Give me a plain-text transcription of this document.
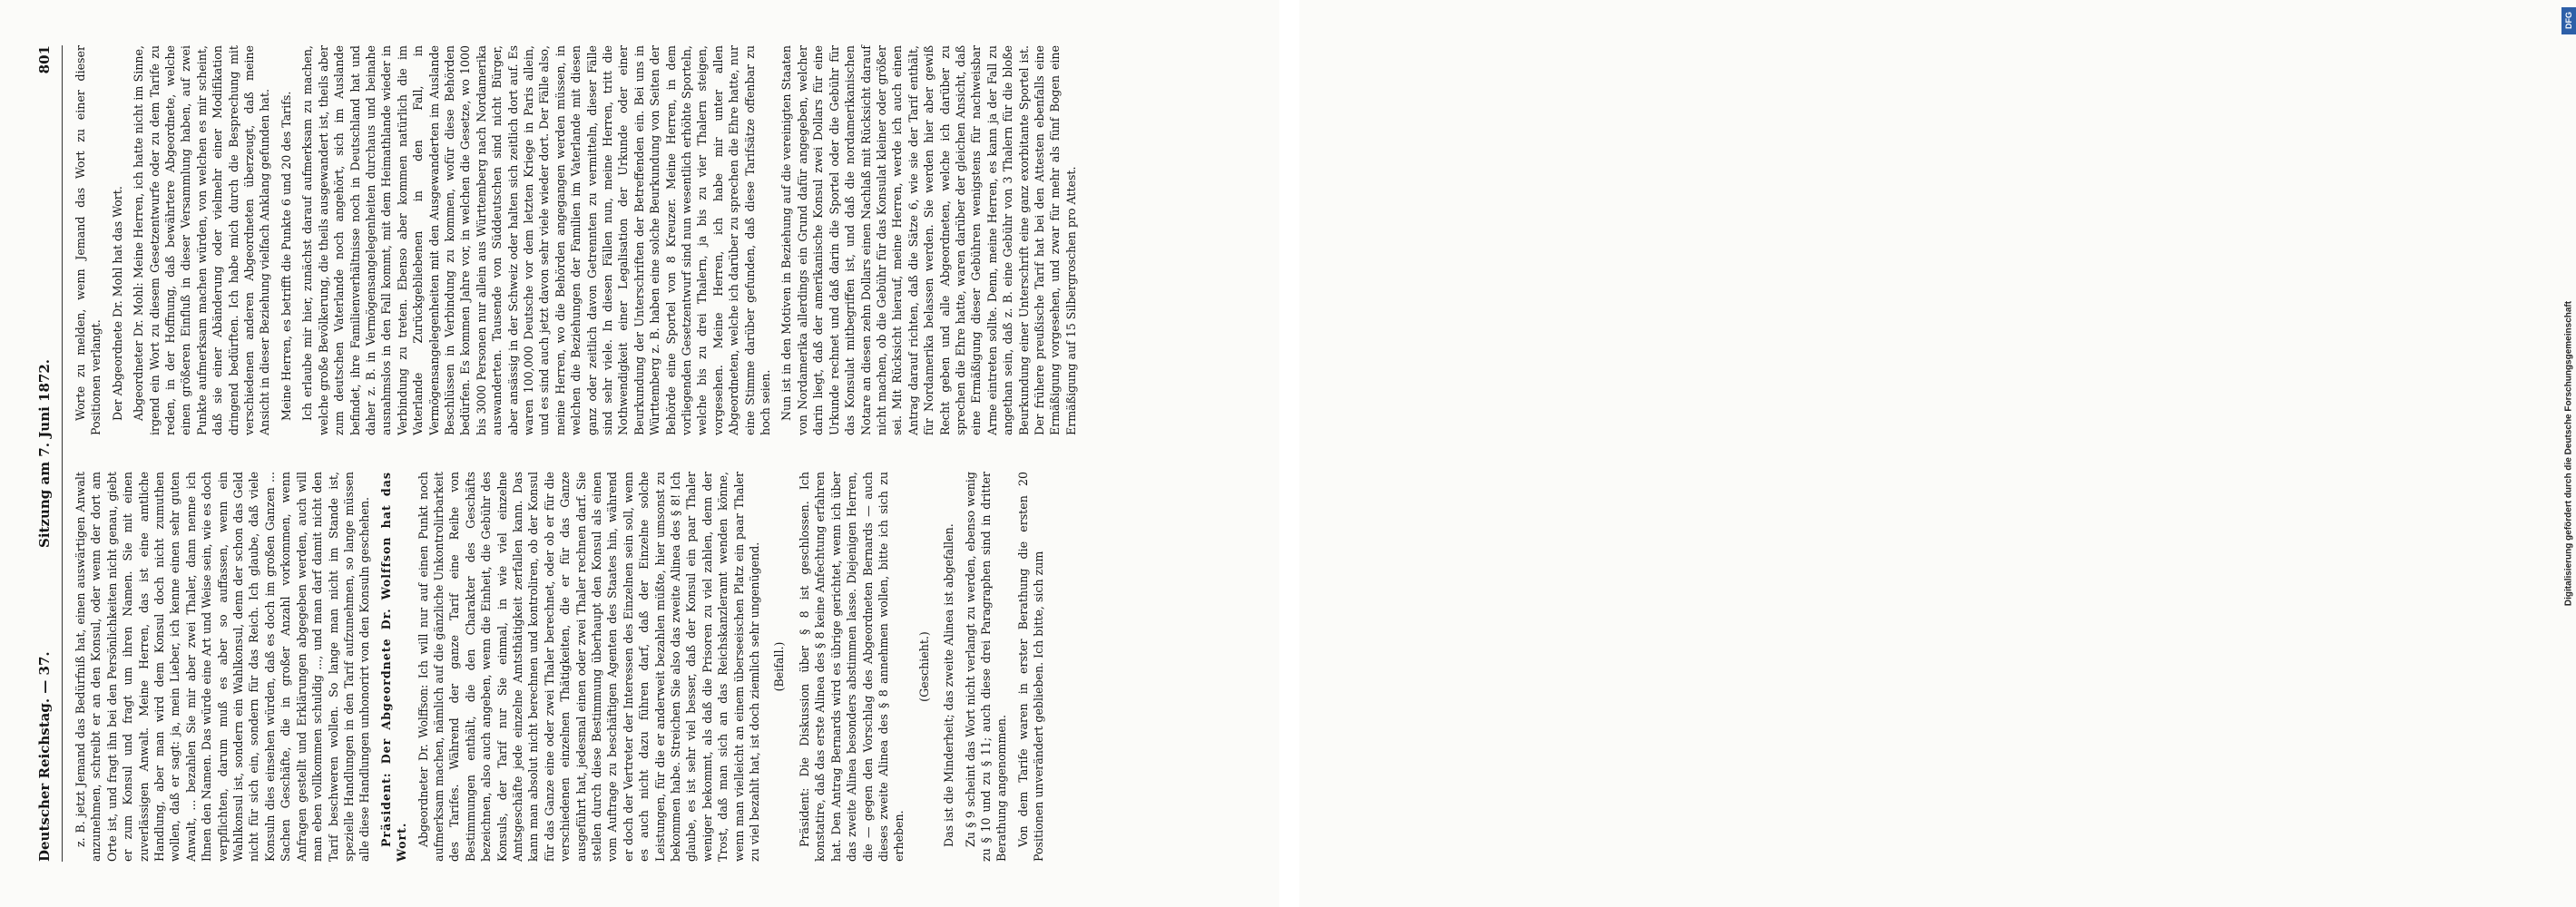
Deutscher Reichstag. — 37.
Sitzung am 7. Juni 1872.
801

z. B. jetzt Jemand das Bedürfniß hat, einen auswärtigen Anwalt anzunehmen, schreibt er an den Konsul, oder wenn der dort am Orte ist, und fragt ihn bei den Persönlichkeiten nicht genau, giebt er zum Konsul und fragt um ihren Namen. Sie mit einen zuverlässigen Anwalt. Meine Herren, das ist eine amtliche Handlung, aber man wird dem Konsul doch nicht zumuthen wollen, daß er sagt: ja, mein Lieber, ich kenne einen sehr guten Anwalt, ... bezahlen Sie mir aber zwei Thaler, dann nenne ich Ihnen den Namen. Das würde eine Art und Weise sein, wie es doch verpflichten, darum muß es aber so auffassen, wenn ein Wahlkonsul ist, sondern ein Wahlkonsul, denn der schon das Geld nicht für sich ein, sondern für das Reich. Ich glaube, daß viele Konsuln dies einsehen würden, daß es doch im großen Ganzen ... Sachen Geschäfte, die in großer Anzahl vorkommen, wenn Anfragen gestellt und Erklärungen abgegeben werden, auch will man eben vollkommen schuldig ..., und man darf damit nicht den Tarif beschweren wollen. So lange man nicht im Stande ist, spezielle Handlungen in den Tarif aufzunehmen, so lange müssen alle diese Handlungen unhonorirt von den Konsuln geschehen. Präsident: Der Abgeordnete Dr. Wolffson hat das Wort. Abgeordneter Dr. Wolffson: Ich will nur auf einen Punkt noch aufmerksam machen, nämlich auf die gänzliche Unkontrolirbarkeit des Tarifes. Während der ganze Tarif eine Reihe von Bestimmungen enthält, die den Charakter des Geschäfts bezeichnen, also auch angeben, wenn die Einheit, die Gebühr des Konsuls, der Tarif nur Sie einmal, in wie viel einzelne Amtsgeschäfte jede einzelne Amtsthätigkeit zerfallen kann. Das kann man absolut nicht berechnen und kontroliren, ob der Konsul für das Ganze eine oder zwei Thaler berechnet, oder ob er für die verschiedenen einzelnen Thätigkeiten, die er für das Ganze ausgeführt hat, jedesmal einen oder zwei Thaler rechnen darf. Sie stellen durch diese Bestimmung überhaupt den Konsul als einen vom Auftrage zu beschäftigen Agenten des Staates hin, während er doch der Vertreter der Interessen des Einzelnen sein soll, wenn es auch nicht dazu führen darf, daß der Einzelne solche Leistungen, für die er anderweit bezahlen müßte, hier umsonst zu bekommen habe. Streichen Sie also das zweite Alinea des § 8! Ich glaube, es ist sehr viel besser, daß der Konsul ein paar Thaler weniger bekommt, als daß die Prisoren zu viel zahlen, denn der Trost, daß man sich an das Reichskanzleramt wenden könne, wenn man vielleicht an einem überseeischen Platz ein paar Thaler zu viel bezahlt hat, ist doch ziemlich sehr ungenügend. (Beifall.) Präsident: Die Diskussion über § 8 ist geschlossen. Ich konstatire, daß das erste Alinea des § 8 keine Anfechtung erfahren hat. Den Antrag Bernards wird es übrige gerichtet, wenn ich über das zweite Alinea besonders abstimmen lasse. Diejenigen Herren, die — gegen den Vorschlag des Abgeordneten Bernards — auch dieses zweite Alinea des § 8 annehmen wollen, bitte ich sich zu erheben.

(Geschieht.) Das ist die Minderheit; das zweite Alinea ist abgefallen. Zu § 9 scheint das Wort nicht verlangt zu werden, ebenso wenig zu § 10 und zu § 11; auch diese drei Paragraphen sind in dritter Berathung angenommen. Von dem Tarife waren in erster Berathung die ersten 20 Positionen unverändert geblieben. Ich bitte, sich zum

Worte zu melden, wenn Jemand das Wort zu einer dieser Positionen verlangt. Der Abgeordnete Dr. Mohl hat das Wort. Abgeordneter Dr. Mohl: Meine Herren, ich hatte nicht im Sinne, irgend ein Wort zu diesem Gesetzentwurfe oder zu dem Tarife zu reden, in der Hoffnung, daß bewährtere Abgeordnete, welche einen größeren Einfluß in dieser Versammlung haben, auf zwei Punkte aufmerksam machen würden, von welchen es mir scheint, daß sie einer Abänderung oder vielmehr einer Modifikation dringend bedürften. Ich habe mich durch die Besprechung mit verschiedenen anderen Abgeordneten überzeugt, daß meine Ansicht in dieser Beziehung vielfach Anklang gefunden hat. Meine Herren, es betrifft die Punkte 6 und 20 des Tarifs. Ich erlaube mir hier, zunächst darauf aufmerksam zu machen, welche große Bevölkerung, die theils ausgewandert ist, theils aber zum deutschen Vaterlande noch angehört, sich im Auslande befindet, ihre Familienverhältnisse noch in Deutschland hat und daher z. B. in Vermögensangelegenheiten durchaus und beinahe ausnahmslos in den Fall kommt, mit dem Heimathlande wieder in Verbindung zu treten. Ebenso aber kommen natürlich die im Vaterlande Zurückgebliebenen in den Fall, in Vermögensangelegenheiten mit den Ausgewanderten im Auslande Beschlüssen in Verbindung zu kommen, wofür diese Behörden bedürfen. Es kommen Jahre vor, in welchen die Gesetze, wo 1000 bis 3000 Personen nur allein aus Württemberg nach Nordamerika auswanderten. Tausende von Süddeutschen sind nicht Bürger, aber ansässig in der Schweiz oder halten sich zeitlich dort auf. Es waren 100,000 Deutsche vor dem letzten Kriege in Paris allein, und es sind auch jetzt davon sehr viele wieder dort. Der Fälle also, meine Herren, wo die Behörden angegangen werden müssen, in welchen die Beziehungen der Familien im Vaterlande mit diesen ganz oder zeitlich davon Getrennten zu vermitteln, dieser Fälle sind sehr viele. In diesen Fällen nun, meine Herren, tritt die Nothwendigkeit einer Legalisation der Urkunde oder einer Beurkundung der Unterschriften der Betreffenden ein. Bei uns in Württemberg z. B. haben eine solche Beurkundung von Seiten der Behörde eine Sportel von 8 Kreuzer. Meine Herren, in dem vorliegenden Gesetzentwurf sind nun wesentlich erhöhte Sporteln, welche bis zu drei Thalern, ja bis zu vier Thalern steigen, vorgesehen. Meine Herren, ich habe mir unter allen Abgeordneten, welche ich darüber zu sprechen die Ehre hatte, nur eine Stimme darüber gefunden, daß diese Tarifsätze offenbar zu hoch seien. Nun ist in den Motiven in Beziehung auf die vereinigten Staaten von Nordamerika allerdings ein Grund dafür angegeben, welcher darin liegt, daß der amerikanische Konsul zwei Dollars für eine Urkunde rechnet und daß darin die Sportel oder die Gebühr für das Konsulat mitbegriffen ist, und daß die nordamerikanischen Notare an diesen zehn Dollars einen Nachlaß mit Rücksicht darauf nicht machen, ob die Gebühr für das Konsulat kleiner oder größer sei. Mit Rücksicht hierauf, meine Herren, werde ich auch einen Antrag darauf richten, daß die Sätze 6, wie sie der Tarif enthält, für Nordamerika belassen werden. Sie werden hier aber gewiß Recht geben und alle Abgeordneten, welche ich darüber zu sprechen die Ehre hatte, waren darüber der gleichen Ansicht, daß eine Ermäßigung dieser Gebühren wenigstens für nachweisbar Arme eintreten sollte. Denn, meine Herren, es kann ja der Fall zu angethan sein, daß z. B. eine Gebühr von 3 Thalern für die bloße Beurkundung einer Unterschrift eine ganz exorbitante Sportel ist. Der frühere preußische Tarif hat bei den Attesten ebenfalls eine Ermäßigung vorgesehen, und zwar für mehr als fünf Bogen eine Ermäßigung auf 15 Silbergroschen pro Attest.

DFG
Digitalisierung gefördert durch die Deutsche Forschungsgemeinschaft
